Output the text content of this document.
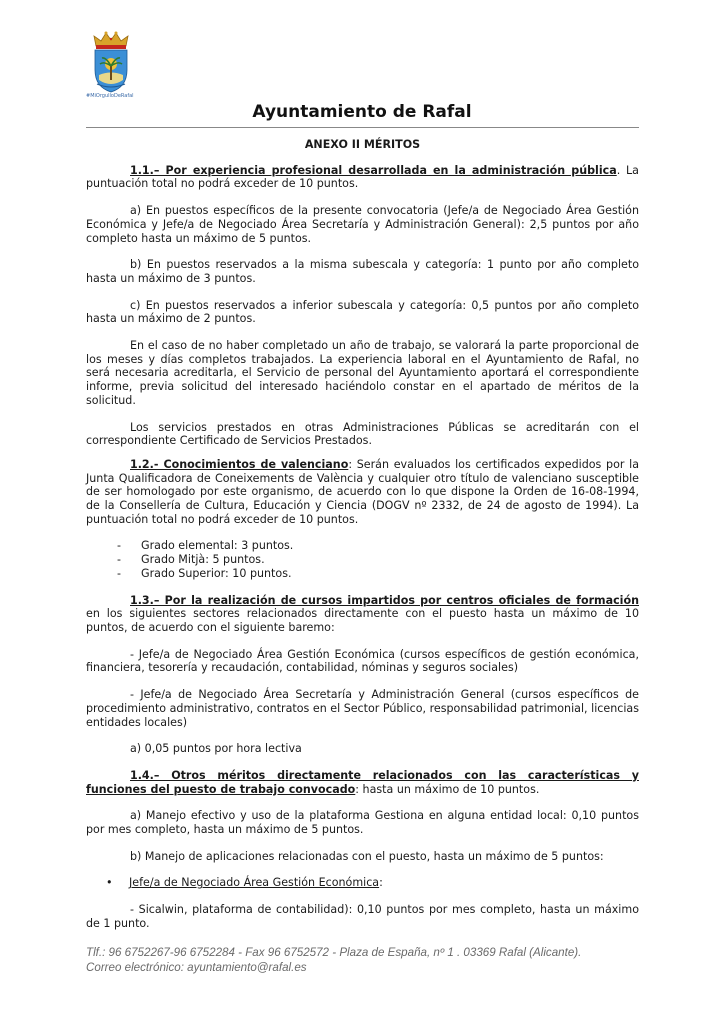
#MiOrgulloDeRafal
Ayuntamiento de Rafal

ANEXO II MÉRITOS

1.1.– Por experiencia profesional desarrollada en la administración pública. La puntuación total no podrá exceder de 10 puntos.

a) En puestos específicos de la presente convocatoria (Jefe/a de Negociado Área Gestión Económica y Jefe/a de Negociado Área Secretaría y Administración General): 2,5 puntos por año completo hasta un máximo de 5 puntos.

b) En puestos reservados a la misma subescala y categoría: 1 punto por año completo hasta un máximo de 3 puntos.

c) En puestos reservados a inferior subescala y categoría: 0,5 puntos por año completo hasta un máximo de 2 puntos.

En el caso de no haber completado un año de trabajo, se valorará la parte proporcional de los meses y días completos trabajados. La experiencia laboral en el Ayuntamiento de Rafal, no será necesaria acreditarla, el Servicio de personal del Ayuntamiento aportará el correspondiente informe, previa solicitud del interesado haciéndolo constar en el apartado de méritos de la solicitud.

Los servicios prestados en otras Administraciones Públicas se acreditarán con el correspondiente Certificado de Servicios Prestados.

1.2.- Conocimientos de valenciano: Serán evaluados los certificados expedidos por la Junta Qualificadora de Coneixements de València y cualquier otro título de valenciano susceptible de ser homologado por este organismo, de acuerdo con lo que dispone la Orden de 16-08-1994, de la Consellería de Cultura, Educación y Ciencia (DOGV nº 2332, de 24 de agosto de 1994). La puntuación total no podrá exceder de 10 puntos.

- Grado elemental: 3 puntos.
- Grado Mitjà: 5 puntos.
- Grado Superior: 10 puntos.

1.3.– Por la realización de cursos impartidos por centros oficiales de formación en los siguientes sectores relacionados directamente con el puesto hasta un máximo de 10 puntos, de acuerdo con el siguiente baremo:

- Jefe/a de Negociado Área Gestión Económica (cursos específicos de gestión económica, financiera, tesorería y recaudación, contabilidad, nóminas y seguros sociales)

- Jefe/a de Negociado Área Secretaría y Administración General (cursos específicos de procedimiento administrativo, contratos en el Sector Público, responsabilidad patrimonial, licencias entidades locales)

a) 0,05 puntos por hora lectiva

1.4.– Otros méritos directamente relacionados con las características y funciones del puesto de trabajo convocado: hasta un máximo de 10 puntos.

a) Manejo efectivo y uso de la plataforma Gestiona en alguna entidad local: 0,10 puntos por mes completo, hasta un máximo de 5 puntos.

b) Manejo de aplicaciones relacionadas con el puesto, hasta un máximo de 5 puntos:

• Jefe/a de Negociado Área Gestión Económica:

- Sicalwin, plataforma de contabilidad): 0,10 puntos por mes completo, hasta un máximo de 1 punto.

Tlf.: 96 6752267-96 6752284 - Fax 96 6752572 - Plaza de España, nº 1 . 03369 Rafal (Alicante).
Correo electrónico: ayuntamiento@rafal.es
